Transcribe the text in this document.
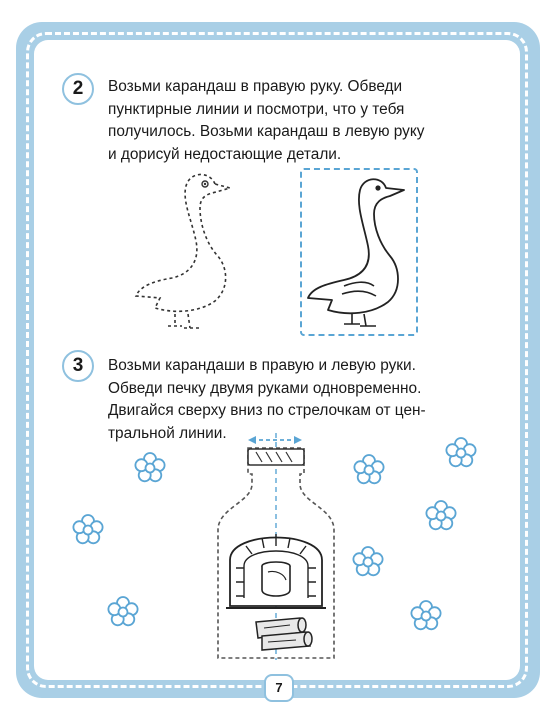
2	Возьми карандаш в правую руку. Обведи
пунктирные линии и посмотри, что у тебя
получилось. Возьми карандаш в левую руку
и дорисуй недостающие детали.
3	Возьми карандаши в правую и левую руки.
Обведи печку двумя руками одновременно.
Двигайся сверху вниз по стрелочкам от цен-
тральной линии.
7
